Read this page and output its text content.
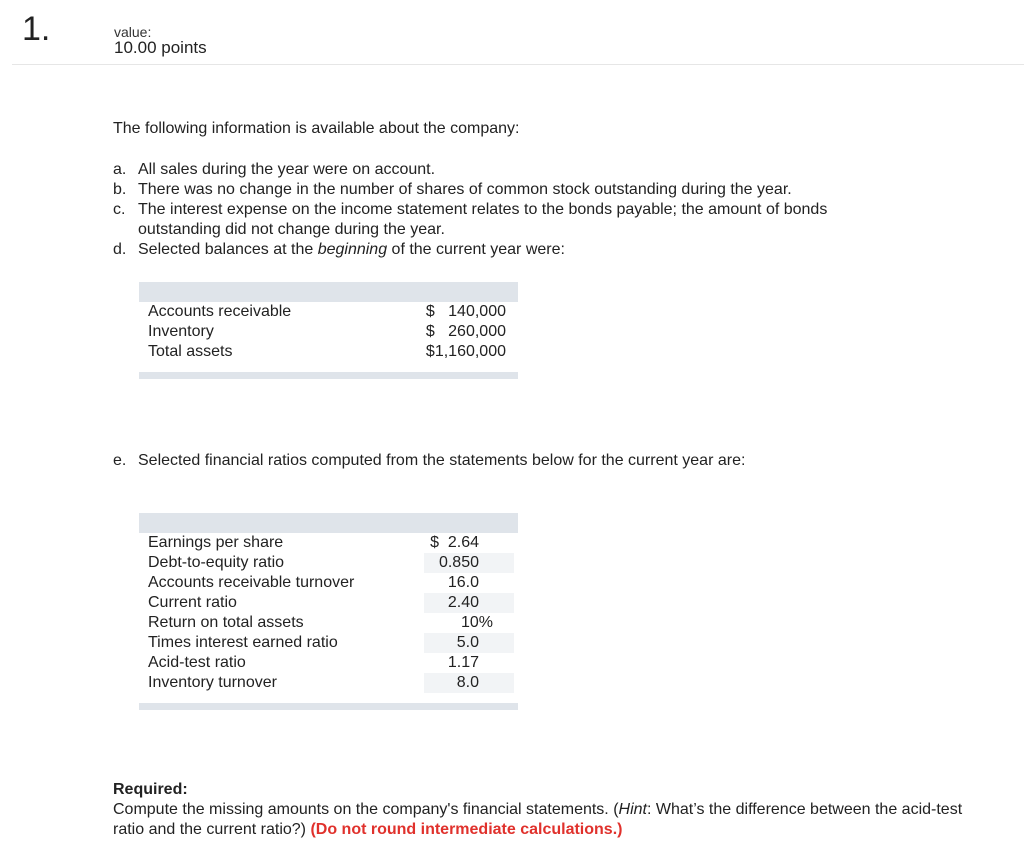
1.	value:
10.00 points
The following information is available about the company:
a. All sales during the year were on account.
b. There was no change in the number of shares of common stock outstanding during the year.
c. The interest expense on the income statement relates to the bonds payable; the amount of bonds outstanding did not change during the year.
d. Selected balances at the beginning of the current year were:
Accounts receivable	$   140,000
Inventory	$   260,000
Total assets	$1,160,000
e. Selected financial ratios computed from the statements below for the current year are:
Earnings per share	$  2.64
Debt-to-equity ratio	0.850
Accounts receivable turnover	16.0
Current ratio	2.40
Return on total assets	10%
Times interest earned ratio	5.0
Acid-test ratio	1.17
Inventory turnover	8.0
Required:
Compute the missing amounts on the company's financial statements. (Hint: What’s the difference between the acid-test ratio and the current ratio?) (Do not round intermediate calculations.)
